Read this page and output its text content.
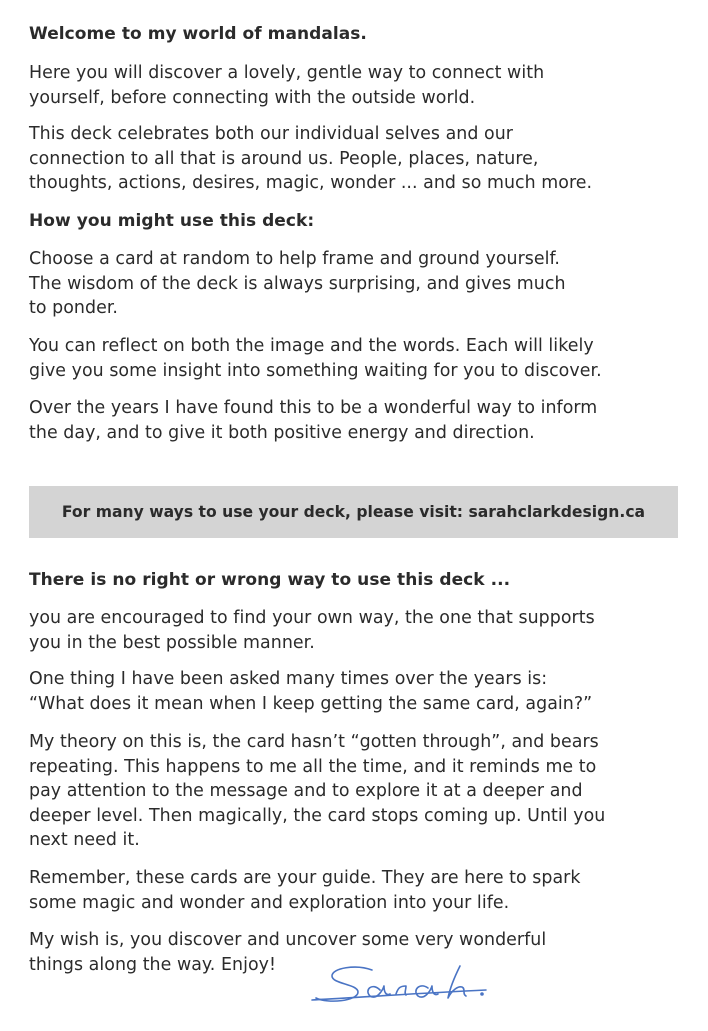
Welcome to my world of mandalas.

Here you will discover a lovely, gentle way to connect with
yourself, before connecting with the outside world.

This deck celebrates both our individual selves and our
connection to all that is around us. People, places, nature,
thoughts, actions, desires, magic, wonder ... and so much more.

How you might use this deck:

Choose a card at random to help frame and ground yourself.
The wisdom of the deck is always surprising, and gives much
to ponder.

You can reflect on both the image and the words. Each will likely
give you some insight into something waiting for you to discover.

Over the years I have found this to be a wonderful way to inform
the day, and to give it both positive energy and direction.

There is no right or wrong way to use this deck ...

you are encouraged to find your own way, the one that supports
you in the best possible manner.

One thing I have been asked many times over the years is:
“What does it mean when I keep getting the same card, again?”

My theory on this is, the card hasn’t “gotten through”, and bears
repeating. This happens to me all the time, and it reminds me to
pay attention to the message and to explore it at a deeper and
deeper level. Then magically, the card stops coming up. Until you
next need it.

Remember, these cards are your guide. They are here to spark
some magic and wonder and exploration into your life.

My wish is, you discover and uncover some very wonderful
things along the way. Enjoy!

For many ways to use your deck, please visit: sarahclarkdesign.ca
